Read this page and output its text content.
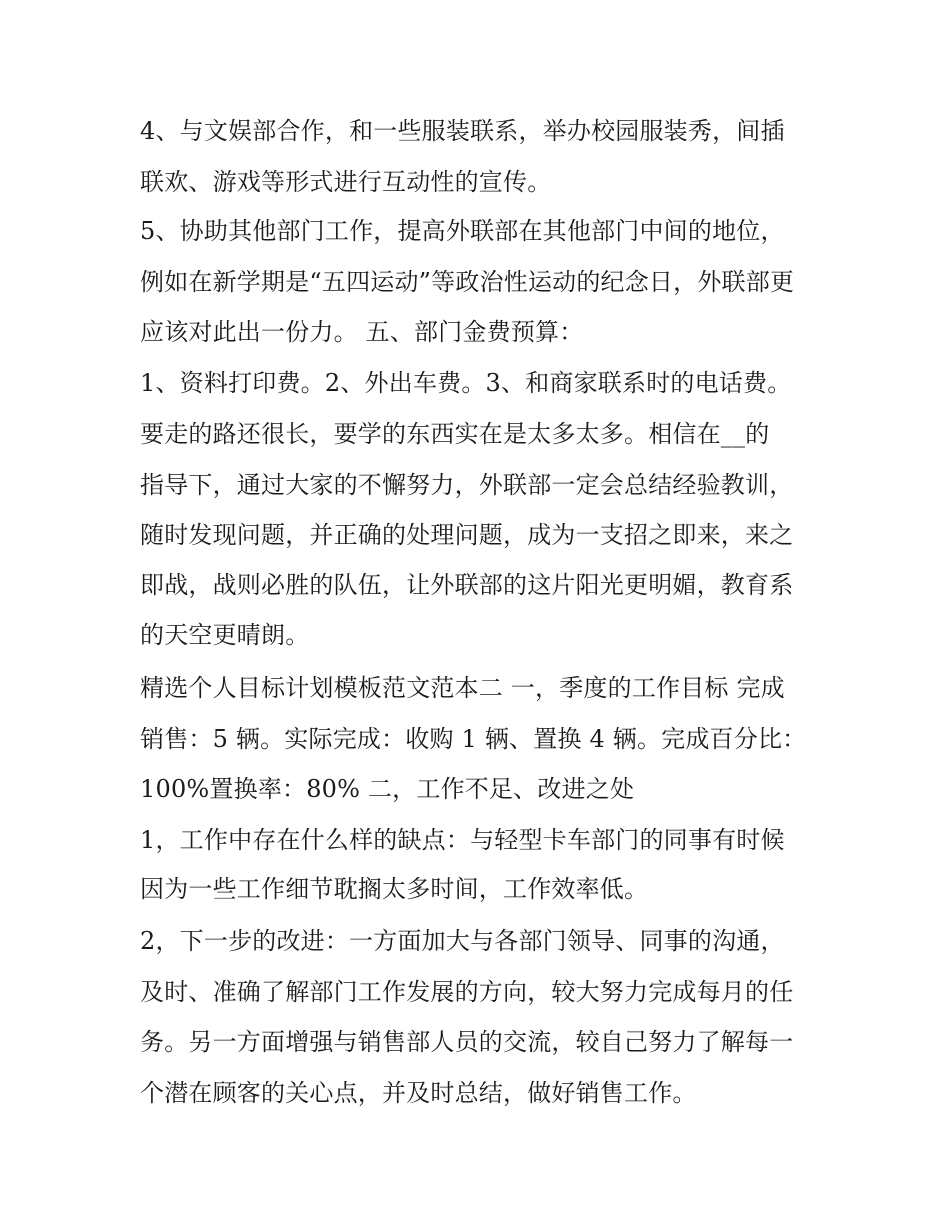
4、与文娱部合作，和一些服装联系，举办校园服装秀，间插
联欢、游戏等形式进行互动性的宣传。
5、协助其他部门工作，提高外联部在其他部门中间的地位，
例如在新学期是“五四运动”等政治性运动的纪念日，外联部更
应该对此出一份力。 五、部门金费预算：
1、资料打印费。2、外出车费。3、和商家联系时的电话费。
要走的路还很长，要学的东西实在是太多太多。相信在__的
指导下，通过大家的不懈努力，外联部一定会总结经验教训，
随时发现问题，并正确的处理问题，成为一支招之即来，来之
即战，战则必胜的队伍，让外联部的这片阳光更明媚，教育系
的天空更晴朗。
精选个人目标计划模板范文范本二 一，季度的工作目标 完成
销售：5 辆。实际完成：收购 1 辆、置换 4 辆。完成百分比：
100%置换率：80% 二，工作不足、改进之处
1，工作中存在什么样的缺点：与轻型卡车部门的同事有时候
因为一些工作细节耽搁太多时间，工作效率低。
2，下一步的改进：一方面加大与各部门领导、同事的沟通，
及时、准确了解部门工作发展的方向，较大努力完成每月的任
务。另一方面增强与销售部人员的交流，较自己努力了解每一
个潜在顾客的关心点，并及时总结，做好销售工作。
